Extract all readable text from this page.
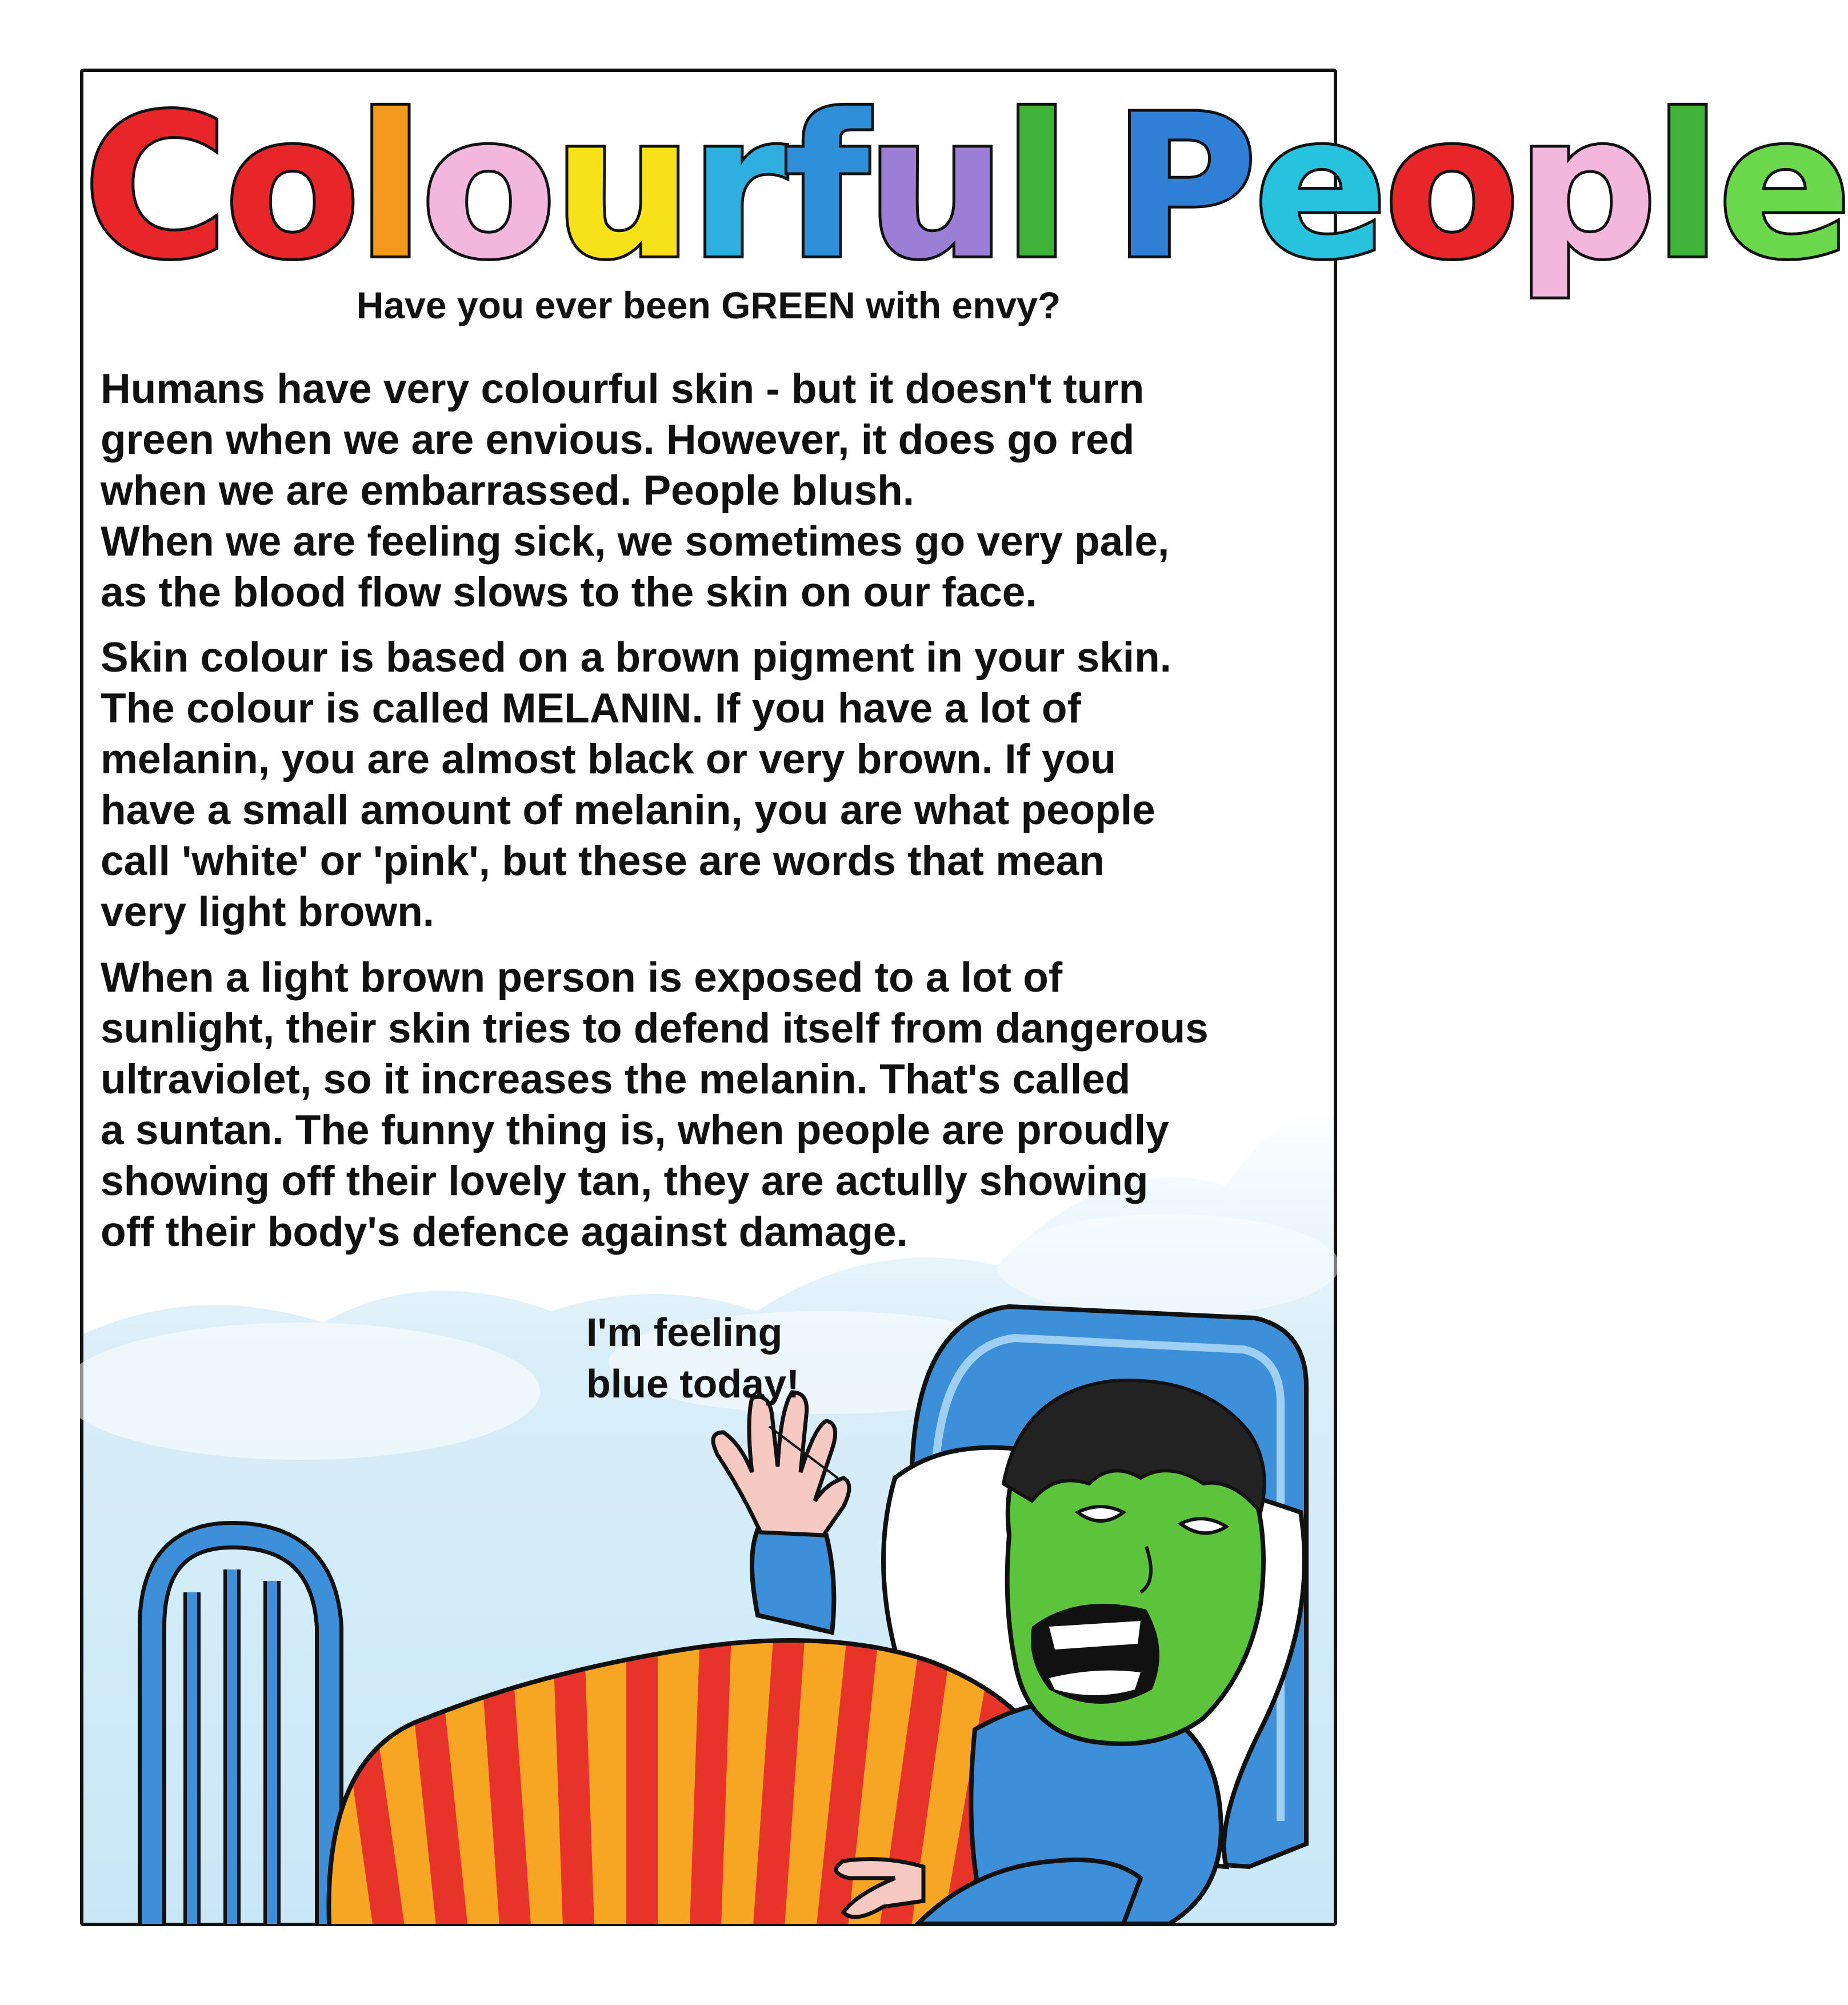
Colourful People
Have you ever been GREEN with envy?

Humans have very colourful skin - but it doesn't turn
green when we are envious. However, it does go red
when we are embarrassed. People blush.
When we are feeling sick, we sometimes go very pale,
as the blood flow slows to the skin on our face.

Skin colour is based on a brown pigment in your skin.
The colour is called MELANIN. If you have a lot of
melanin, you are almost black or very brown. If you
have a small amount of melanin, you are what people
call 'white' or 'pink', but these are words that mean
very light brown.

When a light brown person is exposed to a lot of
sunlight, their skin tries to defend itself from dangerous
ultraviolet, so it increases the melanin. That's called
a suntan. The funny thing is, when people are proudly
showing off their lovely tan, they are actully showing
off their body's defence against damage.

I'm feeling
blue today!
